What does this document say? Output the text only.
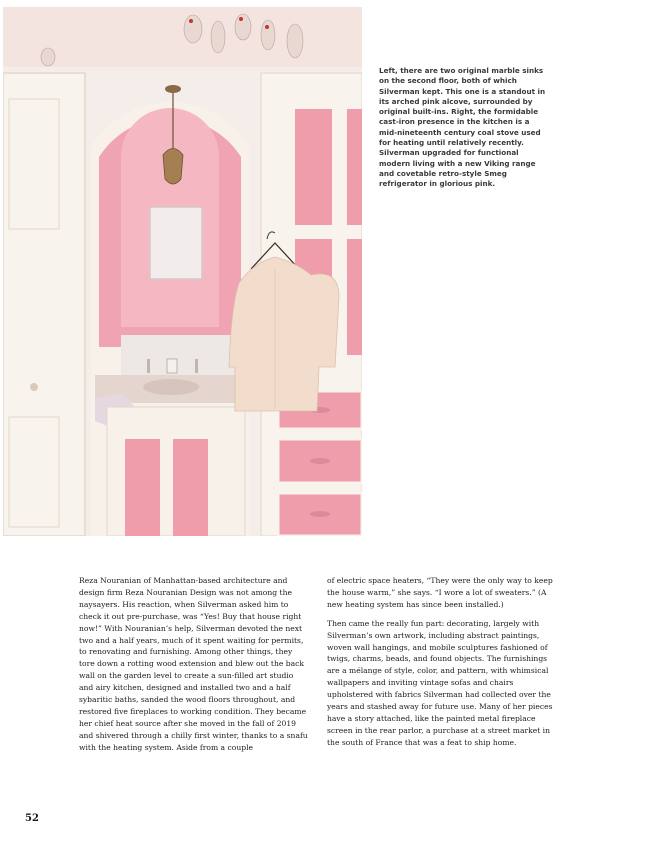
Left, there are two original marble sinks on the second floor, both of which Silverman kept. This one is a standout in its arched pink alcove, surrounded by original built-ins. Right, the formidable cast-iron presence in the kitchen is a mid-nineteenth century coal stove used for heating until relatively recently. Silverman upgraded for functional modern living with a new Viking range and covetable retro-style Smeg refrigerator in glorious pink.

Reza Nouranian of Manhattan-based architecture and design firm Reza Nouranian Design was not among the naysayers. His reaction, when Silverman asked him to check it out pre-purchase, was “Yes! Buy that house right now!” With Nouranian’s help, Silverman devoted the next two and a half years, much of it spent waiting for permits, to renovating and furnishing. Among other things, they tore down a rotting wood extension and blew out the back wall on the garden level to create a sun-filled art studio and airy kitchen, designed and installed two and a half sybaritic baths, sanded the wood floors throughout, and restored five fireplaces to working condition. They became her chief heat source after she moved in the fall of 2019 and shivered through a chilly first winter, thanks to a snafu with the heating system. Aside from a couple

of electric space heaters, “They were the only way to keep the house warm,” she says. “I wore a lot of sweaters.” (A new heating system has since been installed.)

Then came the really fun part: decorating, largely with Silverman’s own artwork, including abstract paintings, woven wall hangings, and mobile sculptures fashioned of twigs, charms, beads, and found objects. The furnishings are a mélange of style, color, and pattern, with whimsical wallpapers and inviting vintage sofas and chairs upholstered with fabrics Silverman had collected over the years and stashed away for future use. Many of her pieces have a story attached, like the painted metal fireplace screen in the rear parlor, a purchase at a street market in the south of France that was a feat to ship home.

52
